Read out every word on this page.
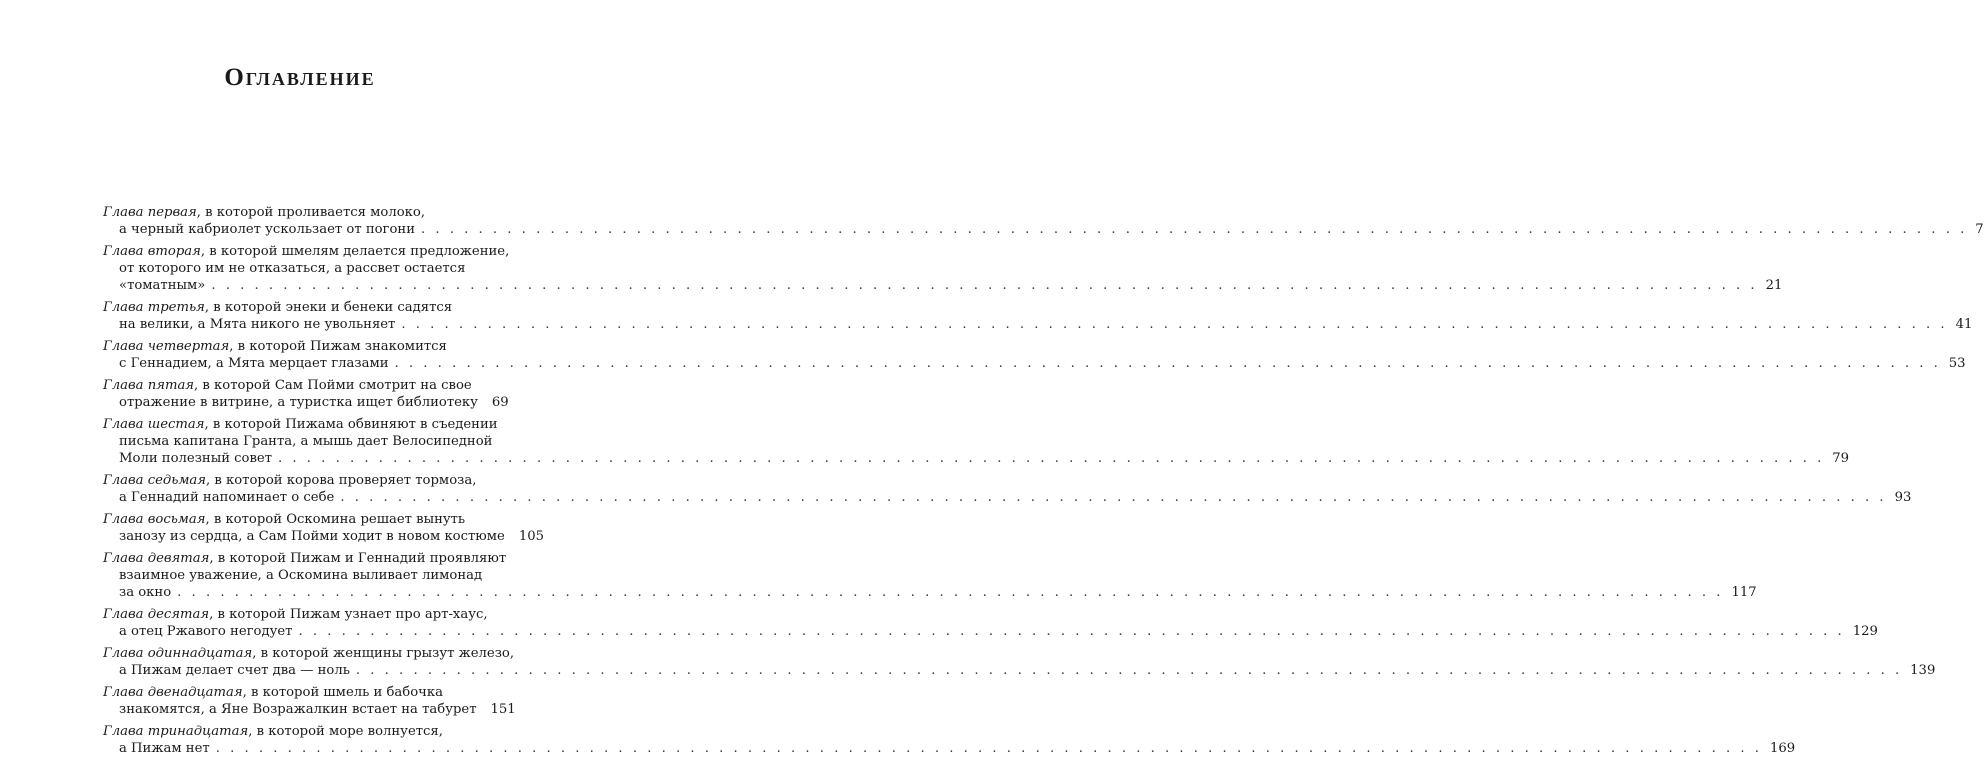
Оглавление
Глава первая, в которой проливается молоко,
а черный кабриолет ускользает от погони . . .	7
Глава вторая, в которой шмелям делается предложение,
от которого им не отказаться, а рассвет остается
«томатным» . . .	21
Глава третья, в которой энеки и бенеки садятся
на велики, а Мята никого не увольняет . . .	41
Глава четвертая, в которой Пижам знакомится
с Геннадием, а Мята мерцает глазами . . .	53
Глава пятая, в которой Сам Пойми смотрит на свое
отражение в витрине, а туристка ищет библиотеку 69
Глава шестая, в которой Пижама обвиняют в съедении
письма капитана Гранта, а мышь дает Велосипедной
Моли полезный совет . . .	79
Глава седьмая, в которой корова проверяет тормоза,
а Геннадий напоминает о себе . . .	93
Глава восьмая, в которой Оскомина решает вынуть
занозу из сердца, а Сам Пойми ходит в новом костюме 105
Глава девятая, в которой Пижам и Геннадий проявляют
взаимное уважение, а Оскомина выливает лимонад
за окно . . .	117
Глава десятая, в которой Пижам узнает про арт-хаус,
а отец Ржавого негодует . . .	129
Глава одиннадцатая, в которой женщины грызут железо,
а Пижам делает счет два — ноль . . .	139
Глава двенадцатая, в которой шмель и бабочка
знакомятся, а Яне Возражалкин встает на табурет 151
Глава тринадцатая, в которой море волнуется,
а Пижам нет . . .	169
